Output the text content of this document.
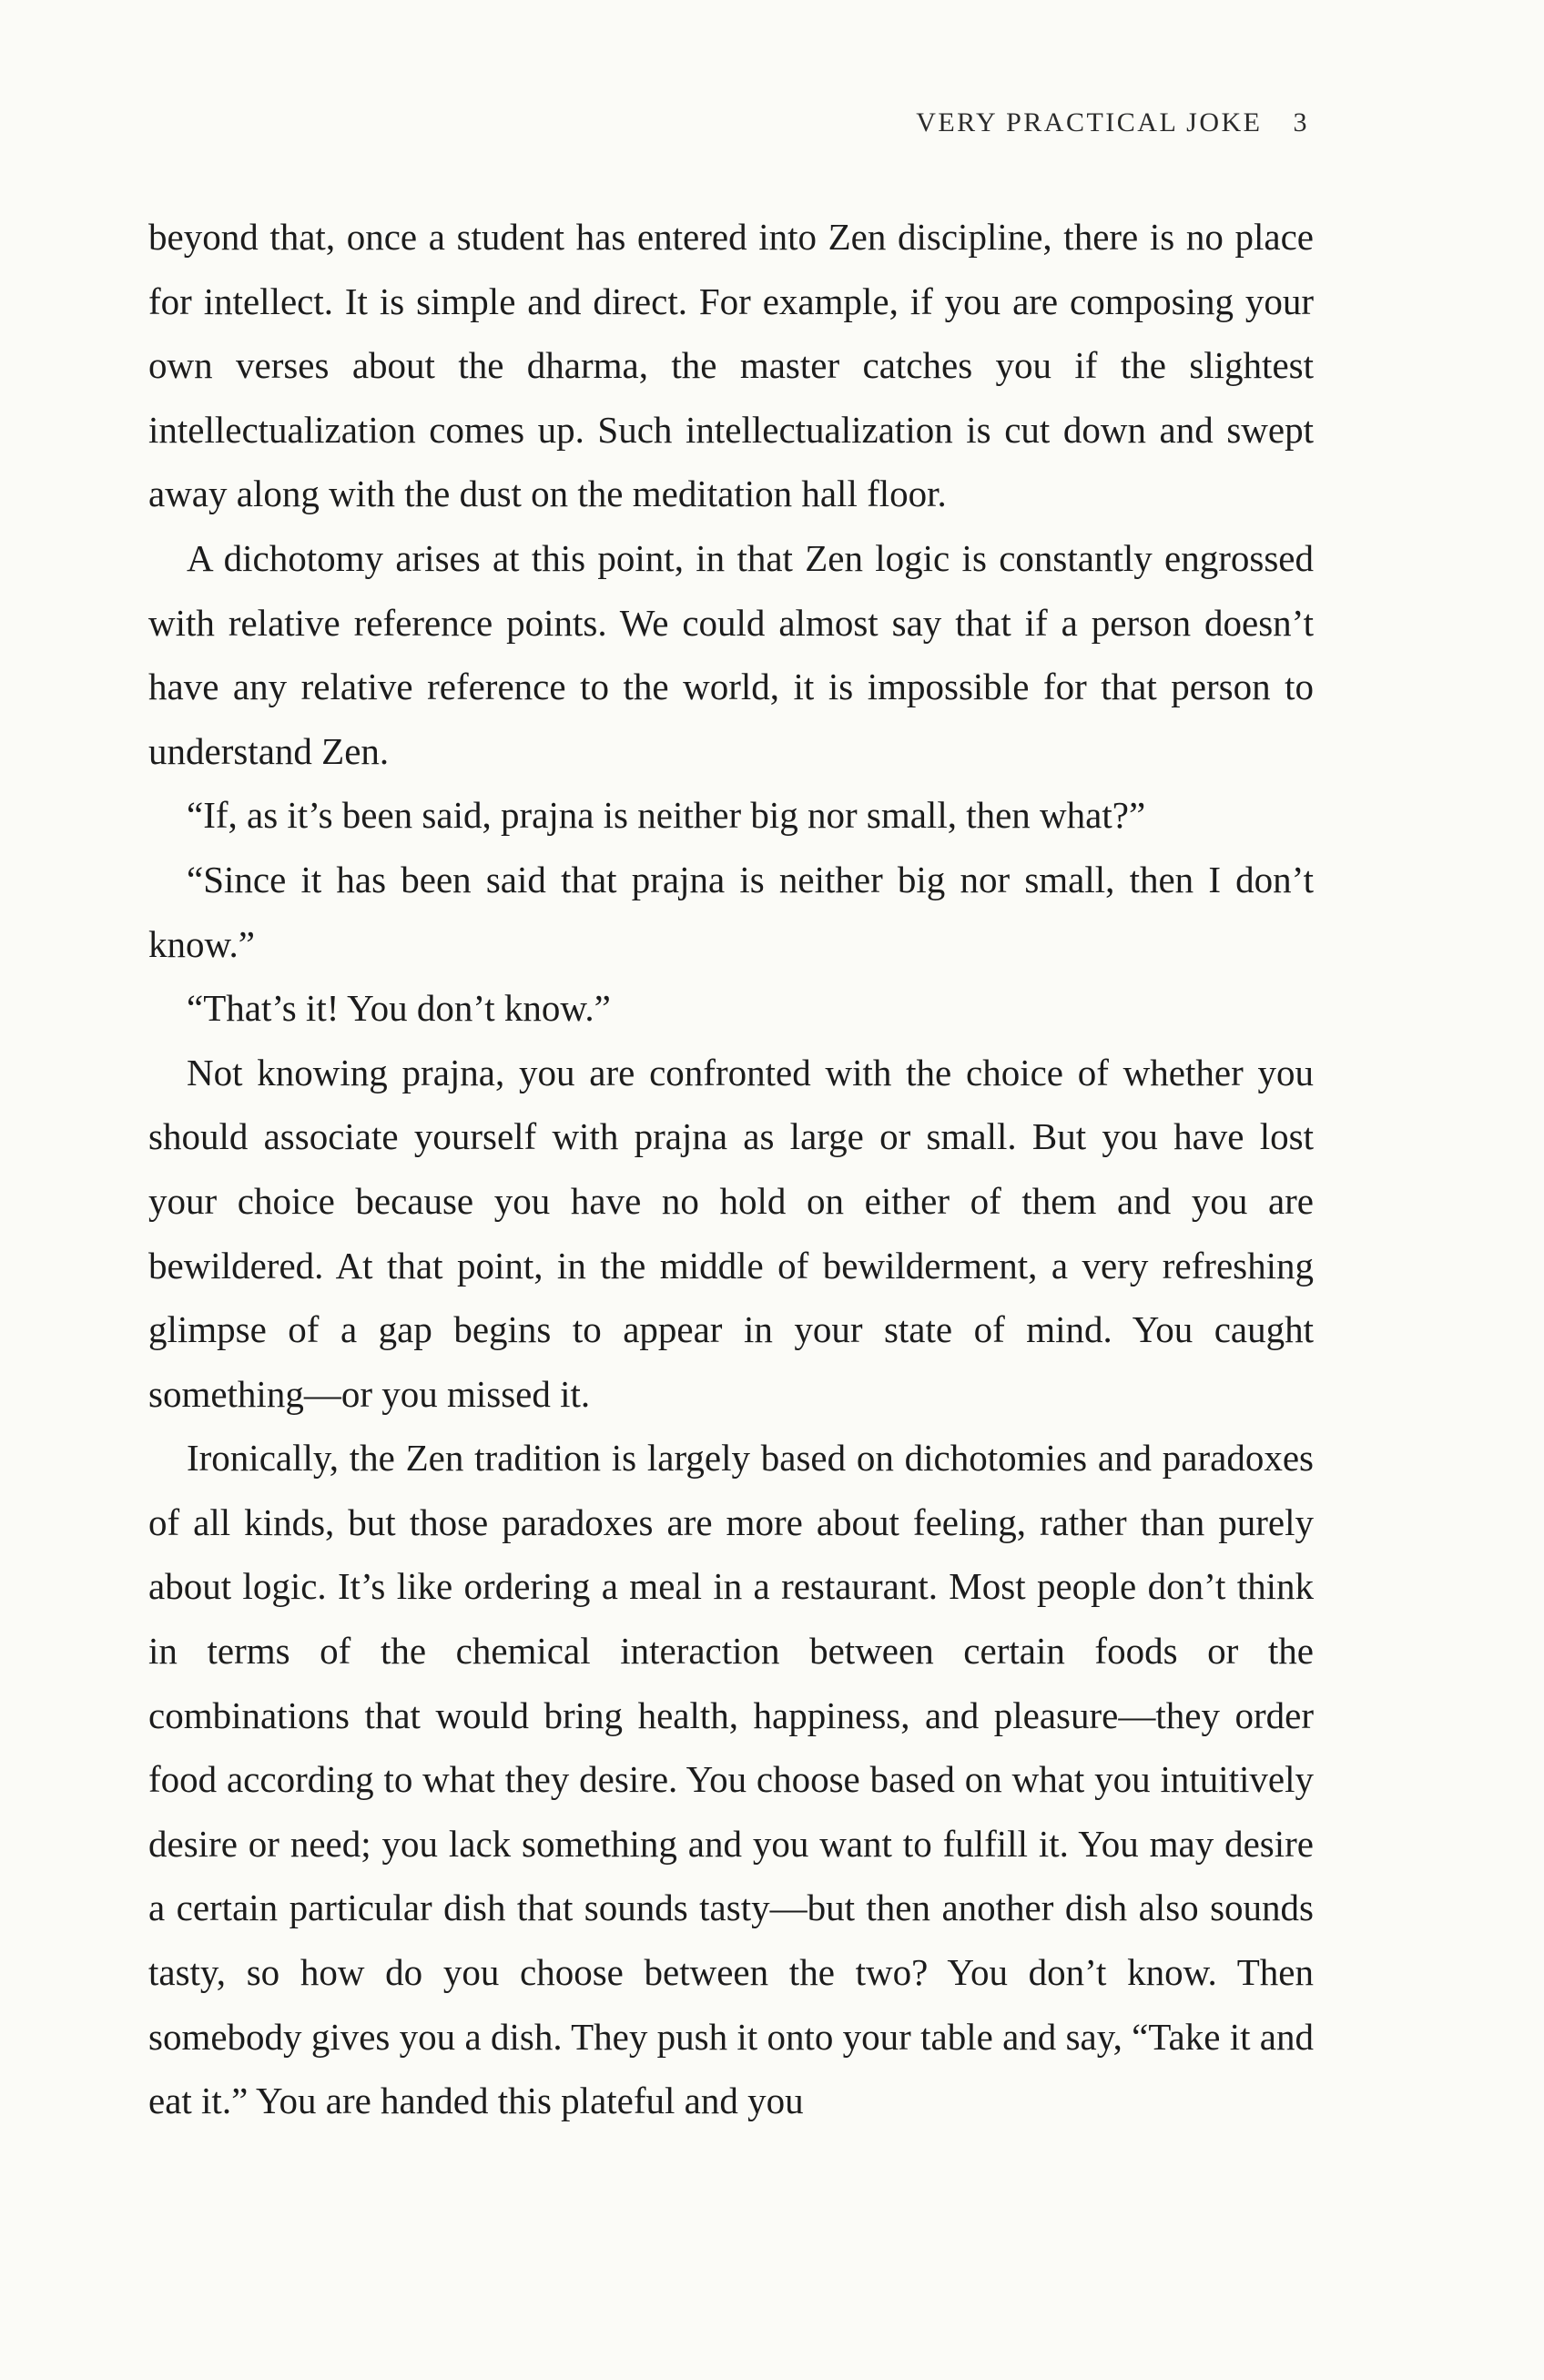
VERY PRACTICAL JOKE 3

beyond that, once a student has entered into Zen discipline, there is no place for intellect. It is simple and direct. For example, if you are composing your own verses about the dharma, the master catches you if the slightest intellectualization comes up. Such intellectualization is cut down and swept away along with the dust on the meditation hall floor.

A dichotomy arises at this point, in that Zen logic is constantly engrossed with relative reference points. We could almost say that if a person doesn’t have any relative reference to the world, it is impossible for that person to understand Zen.

“If, as it’s been said, prajna is neither big nor small, then what?”

“Since it has been said that prajna is neither big nor small, then I don’t know.”

“That’s it! You don’t know.”

Not knowing prajna, you are confronted with the choice of whether you should associate yourself with prajna as large or small. But you have lost your choice because you have no hold on either of them and you are bewildered. At that point, in the middle of bewilderment, a very refreshing glimpse of a gap begins to appear in your state of mind. You caught something—or you missed it.

Ironically, the Zen tradition is largely based on dichotomies and paradoxes of all kinds, but those paradoxes are more about feeling, rather than purely about logic. It’s like ordering a meal in a restaurant. Most people don’t think in terms of the chemical interaction between certain foods or the combinations that would bring health, happiness, and pleasure—they order food according to what they desire. You choose based on what you intuitively desire or need; you lack something and you want to fulfill it. You may desire a certain particular dish that sounds tasty—but then another dish also sounds tasty, so how do you choose between the two? You don’t know. Then somebody gives you a dish. They push it onto your table and say, “Take it and eat it.” You are handed this plateful and you
